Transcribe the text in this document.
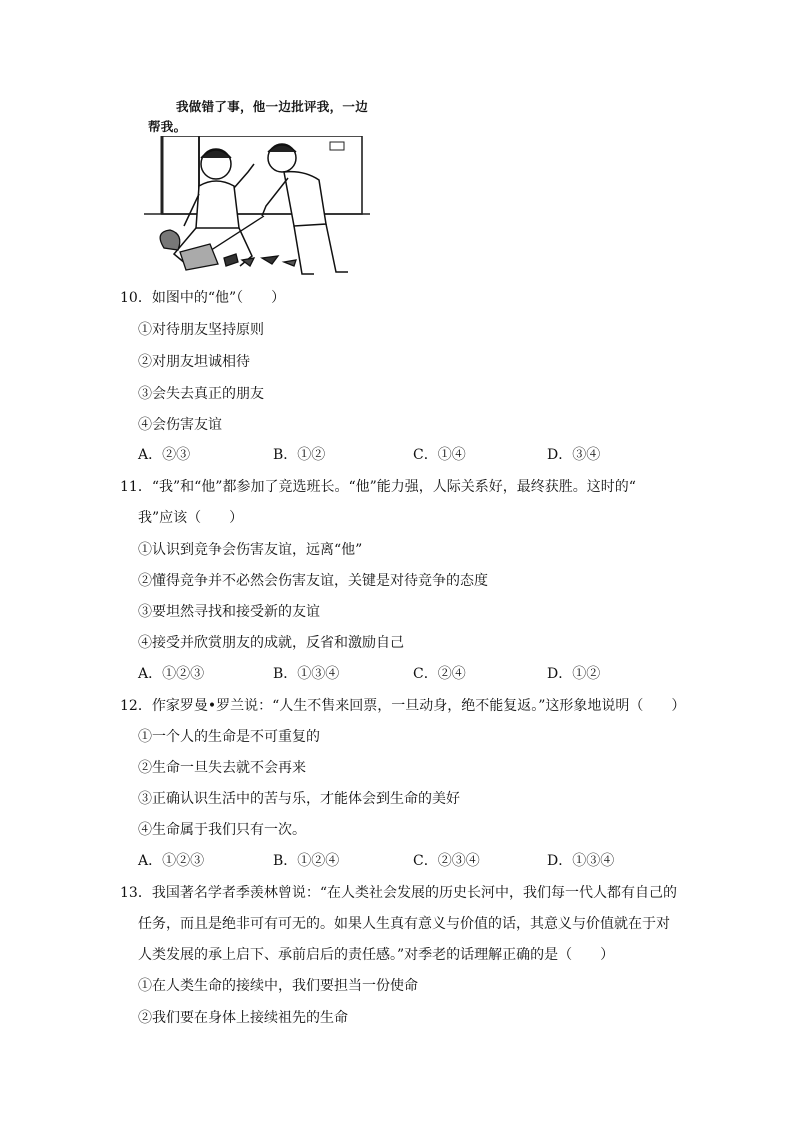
我做错了事，他一边批评我，一边帮我。
10．如图中的“他”（　　）
①对待朋友坚持原则
②对朋友坦诚相待
③会失去真正的朋友
④会伤害友谊
A．②③	B．①②	C．①④	D．③④
11．“我”和“他”都参加了竞选班长。“他”能力强，人际关系好，最终获胜。这时的“
我”应该（　　）
①认识到竞争会伤害友谊，远离“他”
②懂得竞争并不必然会伤害友谊，关键是对待竞争的态度
③要坦然寻找和接受新的友谊
④接受并欣赏朋友的成就，反省和激励自己
A．①②③	B．①③④	C．②④	D．①②
12．作家罗曼•罗兰说：“人生不售来回票，一旦动身，绝不能复返。”这形象地说明（　　）
①一个人的生命是不可重复的
②生命一旦失去就不会再来
③正确认识生活中的苦与乐，才能体会到生命的美好
④生命属于我们只有一次。
A．①②③	B．①②④	C．②③④	D．①③④
13．我国著名学者季羡林曾说：“在人类社会发展的历史长河中，我们每一代人都有自己的
任务，而且是绝非可有可无的。如果人生真有意义与价值的话，其意义与价值就在于对
人类发展的承上启下、承前启后的责任感。”对季老的话理解正确的是（　　）
①在人类生命的接续中，我们要担当一份使命
②我们要在身体上接续祖先的生命
